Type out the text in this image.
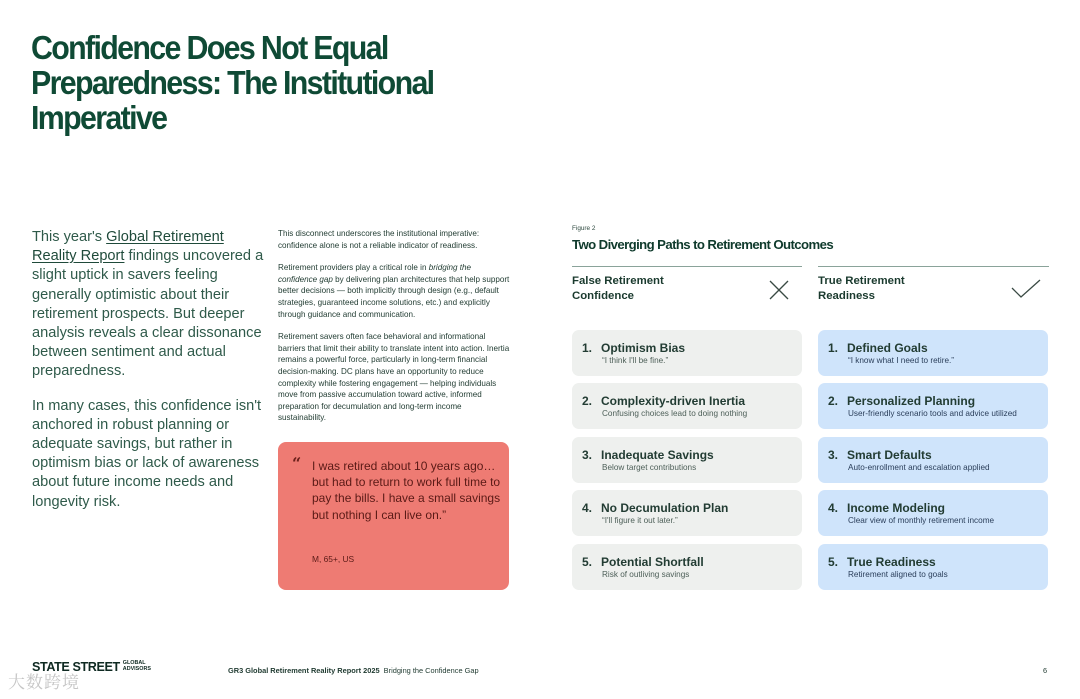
Confidence Does Not Equal
Preparedness: The Institutional
Imperative

This year's Global Retirement Reality Report findings uncovered a slight uptick in savers feeling generally optimistic about their retirement prospects. But deeper analysis reveals a clear dissonance between sentiment and actual preparedness.

In many cases, this confidence isn't anchored in robust planning or adequate savings, but rather in optimism bias or lack of awareness about future income needs and longevity risk.

This disconnect underscores the institutional imperative: confidence alone is not a reliable indicator of readiness.

Retirement providers play a critical role in bridging the confidence gap by delivering plan architectures that help support better decisions — both implicitly through design (e.g., default strategies, guaranteed income solutions, etc.) and explicitly through guidance and communication.

Retirement savers often face behavioral and informational barriers that limit their ability to translate intent into action. Inertia remains a powerful force, particularly in long-term financial decision-making. DC plans have an opportunity to reduce complexity while fostering engagement — helping individuals move from passive accumulation toward active, informed preparation for decumulation and long-term income sustainability.

“ I was retired about 10 years ago… but had to return to work full time to pay the bills. I have a small savings but nothing I can live on.”
M, 65+, US
Figure 2
Two Diverging Paths to Retirement Outcomes
False Retirement
Confidence
True Retirement
Readiness
1. Optimism Bias
“I think I'll be fine.”
2. Complexity-driven Inertia
Confusing choices lead to doing nothing
3. Inadequate Savings
Below target contributions
4. No Decumulation Plan
“I'll figure it out later.”
5. Potential Shortfall
Risk of outliving savings
1. Defined Goals
“I know what I need to retire.”
2. Personalized Planning
User-friendly scenario tools and advice utilized
3. Smart Defaults
Auto-enrollment and escalation applied
4. Income Modeling
Clear view of monthly retirement income
5. True Readiness
Retirement aligned to goals
STATE STREET GLOBAL
ADVISORS	GR3 Global Retirement Reality Report 2025 Bridging the Confidence Gap	6
大数跨境
